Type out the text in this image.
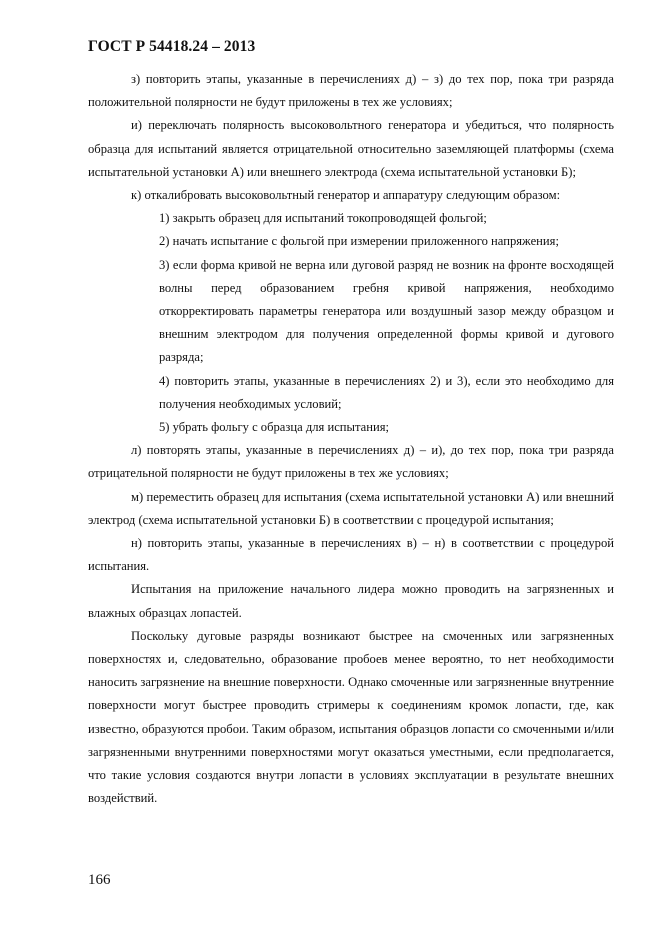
ГОСТ Р 54418.24 – 2013

з) повторить этапы, указанные в перечислениях д) – з) до тех пор, пока три разряда положительной полярности не будут приложены в тех же условиях;

и) переключать полярность высоковольтного генератора и убедиться, что полярность образца для испытаний является отрицательной относительно заземляющей платформы (схема испытательной установки А) или внешнего электрода (схема испытательной установки Б);

к) откалибровать высоковольтный генератор и аппаратуру следующим образом:

1) закрыть образец для испытаний токопроводящей фольгой;

2) начать испытание с фольгой при измерении приложенного напряжения;

3) если форма кривой не верна или дуговой разряд не возник на фронте восходящей волны перед образованием гребня кривой напряжения, необходимо откорректировать параметры генератора или воздушный зазор между образцом и внешним электродом для получения определенной формы кривой и дугового разряда;

4) повторить этапы, указанные в перечислениях 2) и 3), если это необходимо для получения необходимых условий;

5) убрать фольгу с образца для испытания;

л) повторять этапы, указанные в перечислениях д) – и), до тех пор, пока три разряда отрицательной полярности не будут приложены в тех же условиях;

м) переместить образец для испытания (схема испытательной установки А) или внешний электрод (схема испытательной установки Б) в соответствии с процедурой испытания;

н) повторить этапы, указанные в перечислениях в) – н) в соответствии с процедурой испытания.

Испытания на приложение начального лидера можно проводить на загрязненных и влажных образцах лопастей.

Поскольку дуговые разряды возникают быстрее на смоченных или загрязненных поверхностях и, следовательно, образование пробоев менее вероятно, то нет необходимости наносить загрязнение на внешние поверхности. Однако смоченные или загрязненные внутренние поверхности могут быстрее проводить стримеры к соединениям кромок лопасти, где, как известно, образуются пробои. Таким образом, испытания образцов лопасти со смоченными и/или загрязненными внутренними поверхностями могут оказаться уместными, если предполагается, что такие условия создаются внутри лопасти в условиях эксплуатации в результате внешних воздействий.

166
